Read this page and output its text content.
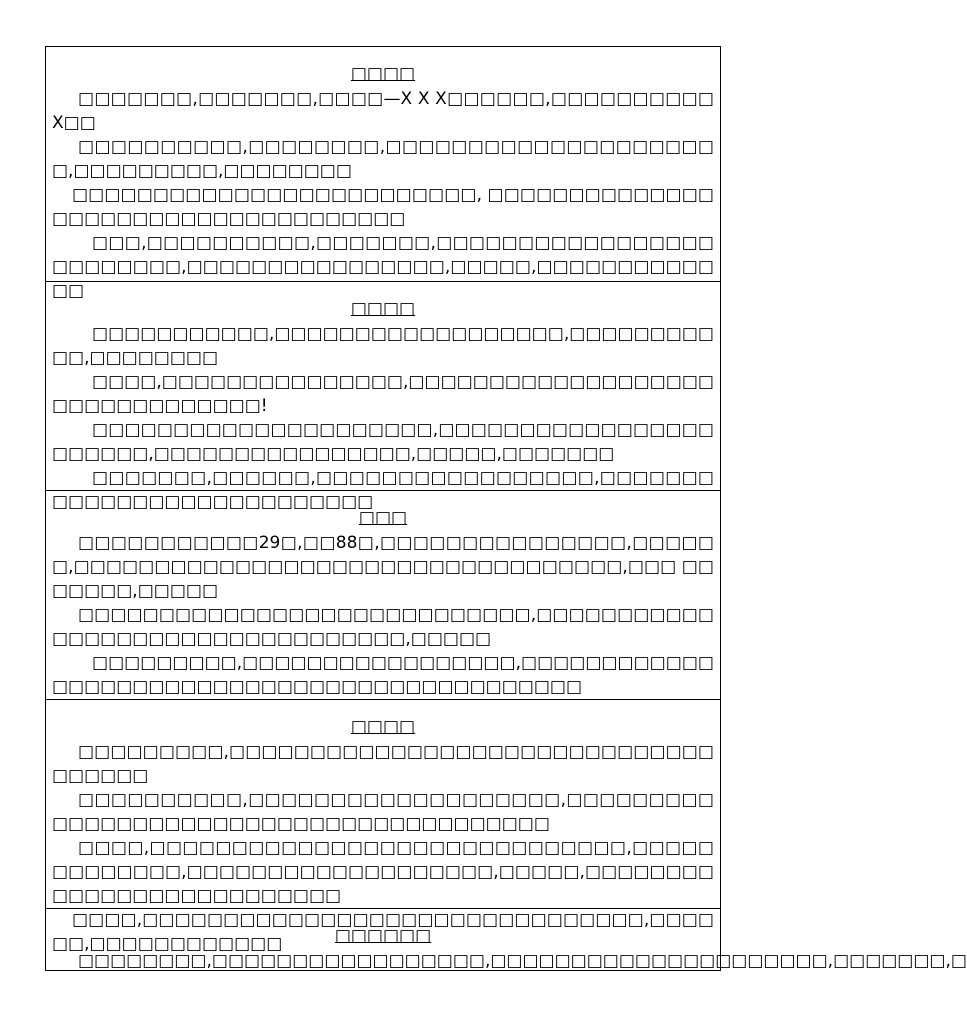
□□□□

□□□□□□□,□□□□□□□,□□□□—X X X□□□□□□,□□□□□□□□□□X□□

□□□□□□□□□□,□□□□□□□□,□□□□□□□□□□□□□□□□□□□□□,□□□□□□□□□,□□□□□□□□

□□□□□□□□□□□□□□□□□□□□□□□□□, □□□□□□□□□□□□□□□□□□□□□□□□□□□□□□□□□□□□

□□□,□□□□□□□□□□,□□□□□□□,□□□□□□□□□□□□□□□□□□□□□□□□□,□□□□□□□□□□□□□□□□,□□□□□,□□□□□□□□□□□□□

□□□□

□□□□□□□□□□□,□□□□□□□□□□□□□□□□□□,□□□□□□□□□□□,□□□□□□□□

□□□□,□□□□□□□□□□□□□□□,□□□□□□□□□□□□□□□□□□□□□□□□□□□□□□□□!

□□□□□□□□□□□□□□□□□□□□□,□□□□□□□□□□□□□□□□□□□□□□□,□□□□□□□□□□□□□□□□,□□□□□,□□□□□□□

□□□□□□□,□□□□□□,□□□□□□□□□□□□□□□□□,□□□□□□□□□□□□□□□□□□□□□□□□□□□

□□□

□□□□□□□□□□□29□,□□88□,□□□□□□□□□□□□□□□,□□□□□□,□□□□□□□□□□□□□□□□□□□□□□□□□□□□□□□□□□,□□□ □□□□□□□,□□□□□

□□□□□□□□□□□□□□□□□□□□□□□□□□□□,□□□□□□□□□□□□□□□□□□□□□□□□□□□□□□□□□,□□□□□

□□□□□□□□□,□□□□□□□□□□□□□□□□□,□□□□□□□□□□□□□□□□□□□□□□□□□□□□□□□□□□□□□□□□□□□□□

□□□□

□□□□□□□□□,□□□□□□□□□□□□□□□□□□□□□□□□□□□□□□□□□□□□

□□□□□□□□□□,□□□□□□□□□□□□□□□□□□□,□□□□□□□□□□□□□□□□□□□□□□□□□□□□□□□□□□□□□□□□

□□□□,□□□□□□□□□□□□□□□□□□□□□□□□□□□□□,□□□□□□□□□□□□□,□□□□□□□□□□□□□□□□□□□,□□□□□,□□□□□□□□□□□□□□□□□□□□□□□□□□

□□□□,□□□□□□□□□□□□□□□□□□□□□□□□□□□□□□□,□□□□□□,□□□□□□□□□□□□	□□□□□□

□□□□□□□□,□□□□□□□□□□□□□□□□□,□□□□□□□□□□□□□□□□□□□□□,□□□□□□□,□
